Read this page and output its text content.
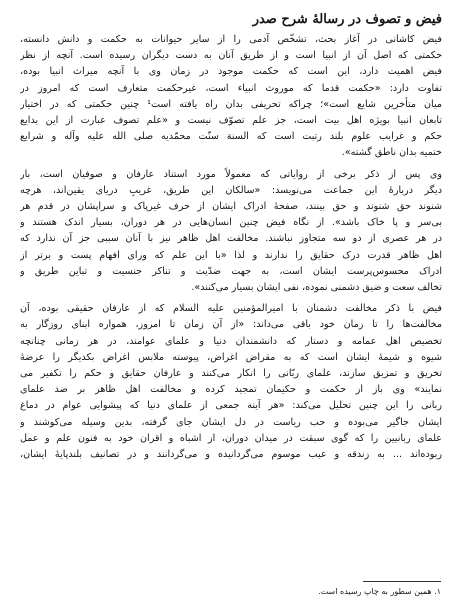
فیض و تصوف در رسالهٔ شرح صدر
فیض کاشانی در آغاز بحث، تشخّص آدمی را از سایر حیوانات به حکمت و دانش دانسته،
حکمتی که اصل آن از انبیا است و از طریق آنان به دست دیگران رسیده است. آنچه از نظر
فیض اهمیت دارد، این است که حکمت موجود در زمان وی با آنچه میراث انبیا بوده،
تفاوت دارد: «حکمت قدما که موروث انبیاء است، غیرحکمت متعارف است که امروز در
میان متأخرین شایع است»؛ چراکه تحریفی بدان راه یافته است¹ چنین حکمتی که در اختیار
تابعان انبیا بویژه اهل بیت است، جز علم تصوّف نیست و «علم تصوف عبارت از این بدایع
حکم و غرایب علوم بلند رتبت است که السنة سنّت محمّدیه صلی الله علیه وآله و شرایع
ختمیه بدان ناطق گشته».
وی پس از ذکر برخی از روایاتی که معمولاً مورد استناد عارفان و صوفیان است، بار
دیگر دربارهٔ این جماعت می‌نویسد: «سالکان این طریق، غریبِ دریای یقین‌اند، هرچه
شنوند حق شنوند و حق بینند، صفحهٔ ادراک ایشان از حرف غیرپاک و سراپشان در قدم هر
بی‌سر و پا خاک باشد». از نگاه فیض چنین انسان‌هایی در هر دوران، بسیار اندک هستند و
در هر عصری از دو سه متجاوز نباشند. مخالفت اهل ظاهر نیز با آنان سببی جز آن ندارد که
اهل ظاهر قدرت درک حقایق را ندارند و لذا «با این علم که ورای افهام پست و برتر از
ادراک محسوس‌پرست ایشان است، به جهت ضدّیت و تناکر جنسیت و تباین طریق و
تخالف سعت و ضیق دشمنی نموده، نفی ایشان بسیار می‌کنند».
فیض با ذکر مخالفت دشمنان با امیرالمؤمنین علیه السلام که از عارفان حقیقی بوده، آن
مخالفت‌ها را تا زمان خود باقی می‌داند: «از آن زمان تا امروز، همواره ابنای روزگار به
تخصیص اهل عمامه و دستار که دانشمندان دنیا و علمای عوامند، در هر زمانی چنانچه
شیوه و شیمهٔ ایشان است که به مقراض اغراض، پیوسته ملابس اغراض بکدیگر را عرضهٔ
تخریق و تمزیق سازند، علمای ربّانی را انکار می‌کنند و عارفان حقایق و حکم را تکفیر می‌
نمایند» وی باز از حکمت و حکیمان تمجید کرده و مخالفت اهل ظاهر بر ضد علمای
ربانی را این چنین تحلیل می‌کند: «هر آینه جمعی از علمای دنیا که پیشوایی عوام در دماغ
ایشان جاگیر می‌بوده و حب ریاست در دل ایشان جای گرفته، بدین وسیله می‌کوشند و
علمای ربانیین را که گوی سبقت در میدان دوران، از اشباه و اقران خود به فنون علم و عمل
ربوده‌اند ... به زندقه و عیب موسوم می‌گردانیده و می‌گردانند و در تصانیف بلندپایهٔ ایشان،
۱. همین سطور به چاپ رسیده است.
